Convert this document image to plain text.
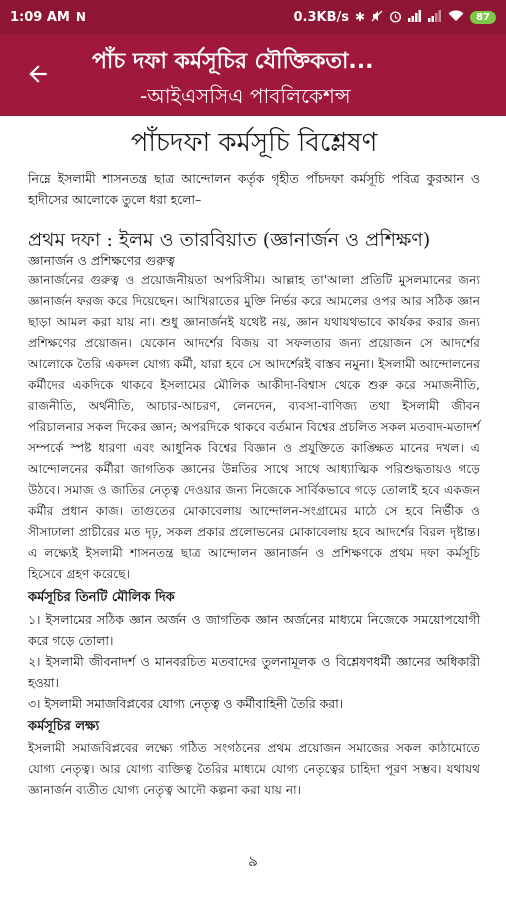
1:09 AM N	0.3KB/s ✱	87
পাঁচ দফা কর্মসূচির যৌক্তিকতা...
-আইএসসিএ পাবলিকেশন্স
পাঁচদফা কর্মসূচি বিশ্লেষণ

নিম্নে ইসলামী শাসনতন্ত্র ছাত্র আন্দোলন কর্তৃক গৃহীত পাঁচদফা কর্মসূচি পবিত্র কুরআন ও হাদীসের আলোকে তুলে ধরা হলো–

প্রথম দফা : ইলম ও তারবিয়াত (জ্ঞানার্জন ও প্রশিক্ষণ)
জ্ঞানার্জন ও প্রশিক্ষণের গুরুত্ব

জ্ঞানার্জনের গুরুত্ব ও প্রয়োজনীয়তা অপরিসীম। আল্লাহ তা'আলা প্রতিটি মুসলমানের জন্য জ্ঞানার্জন ফরজ করে দিয়েছেন। আখিরাতের মুক্তি নির্ভর করে আমলের ওপর আর সঠিক জ্ঞান ছাড়া আমল করা যায় না। শুধু জ্ঞানার্জনই যথেষ্ট নয়, জ্ঞান যথাযথভাবে কার্যকর করার জন্য প্রশিক্ষণের প্রয়োজন। যেকোন আদর্শের বিজয় বা সফলতার জন্য প্রয়োজন সে আদর্শের আলোকে তৈরি একদল যোগ্য কর্মী, যারা হবে সে আদর্শেরই বাস্তব নমুনা। ইসলামী আন্দোলনের কর্মীদের একদিকে থাকবে ইসলামের মৌলিক আকীদা-বিশ্বাস থেকে শুরু করে সমাজনীতি, রাজনীতি, অর্থনীতি, আচার-আচরণ, লেনদেন, ব্যবসা-বাণিজ্য তথা ইসলামী জীবন পরিচালনার সকল দিকের জ্ঞান; অপরদিকে থাকবে বর্তমান বিশ্বের প্রচলিত সকল মতবাদ-মতাদর্শ সম্পর্কে স্পষ্ট ধারণা এবং আধুনিক বিশ্বের বিজ্ঞান ও প্রযুক্তিতে কাঙ্ক্ষিত মানের দখল। এ আন্দোলনের কর্মীরা জাগতিক জ্ঞানের উন্নতির সাথে সাথে আধ্যাত্মিক পরিশুদ্ধতায়ও গড়ে উঠবে। সমাজ ও জাতির নেতৃত্ব দেওয়ার জন্য নিজেকে সার্বিকভাবে গড়ে তোলাই হবে একজন কর্মীর প্রধান কাজ। তাগুতের মোকাবেলায় আন্দোলন-সংগ্রামের মাঠে সে হবে নির্ভীক ও সীসাঢালা প্রাচীরের মত দৃঢ়, সকল প্রকার প্রলোভনের মোকাবেলায় হবে আদর্শের বিরল দৃষ্টান্ত। এ লক্ষ্যেই ইসলামী শাসনতন্ত্র ছাত্র আন্দোলন জ্ঞানার্জন ও প্রশিক্ষণকে প্রথম দফা কর্মসূচি হিসেবে গ্রহণ করেছে।

কর্মসূচির তিনটি মৌলিক দিক

১। ইসলামের সঠিক জ্ঞান অর্জন ও জাগতিক জ্ঞান অর্জনের মাধ্যমে নিজেকে সময়োপযোগী করে গড়ে তোলা।

২। ইসলামী জীবনাদর্শ ও মানবরচিত মতবাদের তুলনামূলক ও বিশ্লেষণধর্মী জ্ঞানের অধিকারী হওয়া।

৩। ইসলামী সমাজবিপ্লবের যোগ্য নেতৃত্ব ও কর্মীবাহিনী তৈরি করা।

কর্মসূচির লক্ষ্য

ইসলামী সমাজবিপ্লবের লক্ষ্যে গঠিত সংগঠনের প্রথম প্রয়োজন সমাজের সকল কাঠামোতে যোগ্য নেতৃত্ব। আর যোগ্য ব্যক্তিত্ব তৈরির মাধ্যমে যোগ্য নেতৃত্বের চাহিদা পূরণ সম্ভব। যথাযথ জ্ঞানার্জন ব্যতীত যোগ্য নেতৃত্ব আদৌ কল্পনা করা যায় না।

৯
